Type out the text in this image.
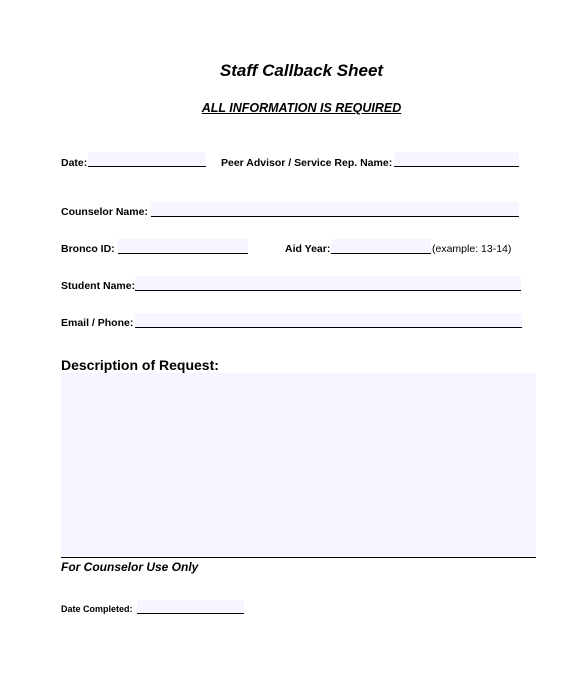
Staff Callback Sheet
ALL INFORMATION IS REQUIRED
Date:	Peer Advisor / Service Rep. Name:
Counselor Name:
Bronco ID:	Aid Year:	(example: 13-14)
Student Name:
Email / Phone:
Description of Request:
For Counselor Use Only
Date Completed:
